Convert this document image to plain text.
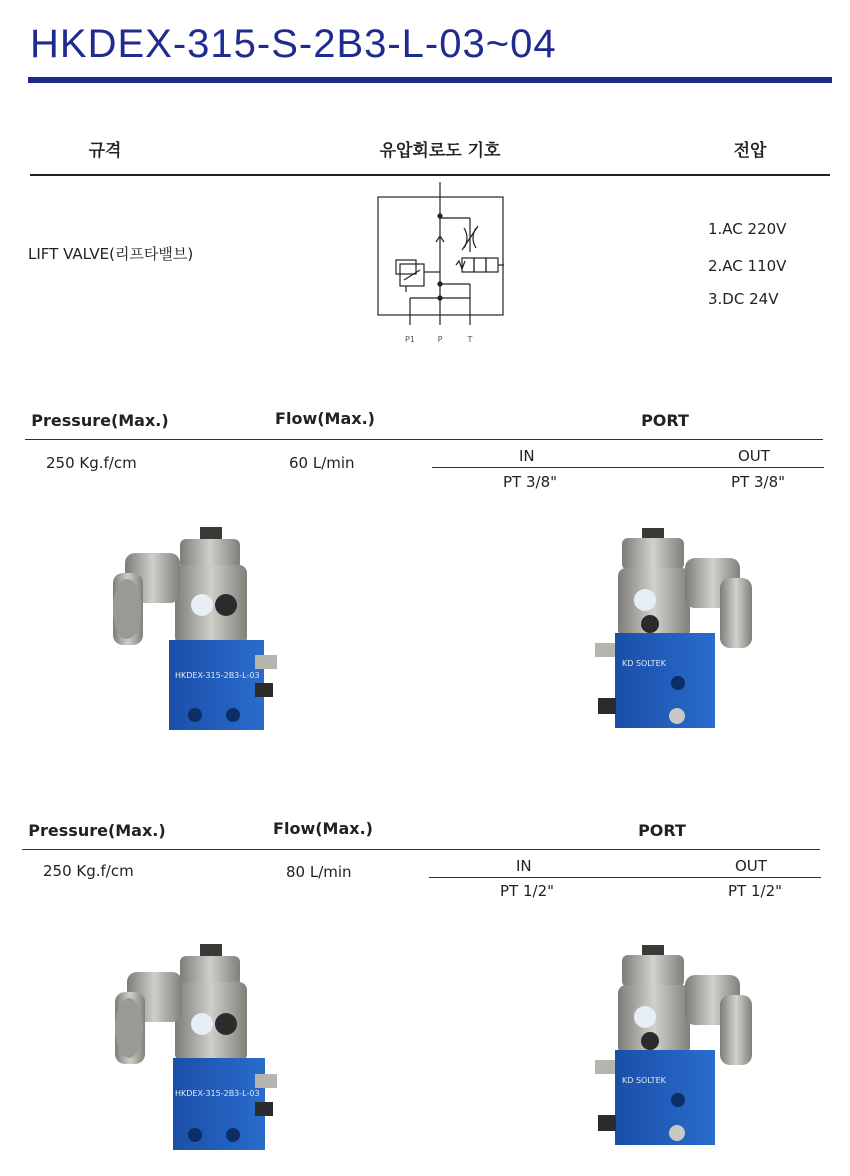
HKDEX-315-S-2B3-L-03~04
규격	유압회로도 기호	전압
LIFT VALVE(리프타밸브)
P1	P	T
1.AC 220V
2.AC 110V
3.DC 24V
Pressure(Max.)	Flow(Max.)	PORT
250 Kg.f/cm	60 L/min	IN	OUT
PT 3/8"	PT 3/8"
Pressure(Max.)	Flow(Max.)	PORT
250 Kg.f/cm	80 L/min	IN	OUT
PT 1/2"	PT 1/2"
HKDEX-315-2B3-L-03
KD SOLTEK
HKDEX-315-2B3-L-03
KD SOLTEK
